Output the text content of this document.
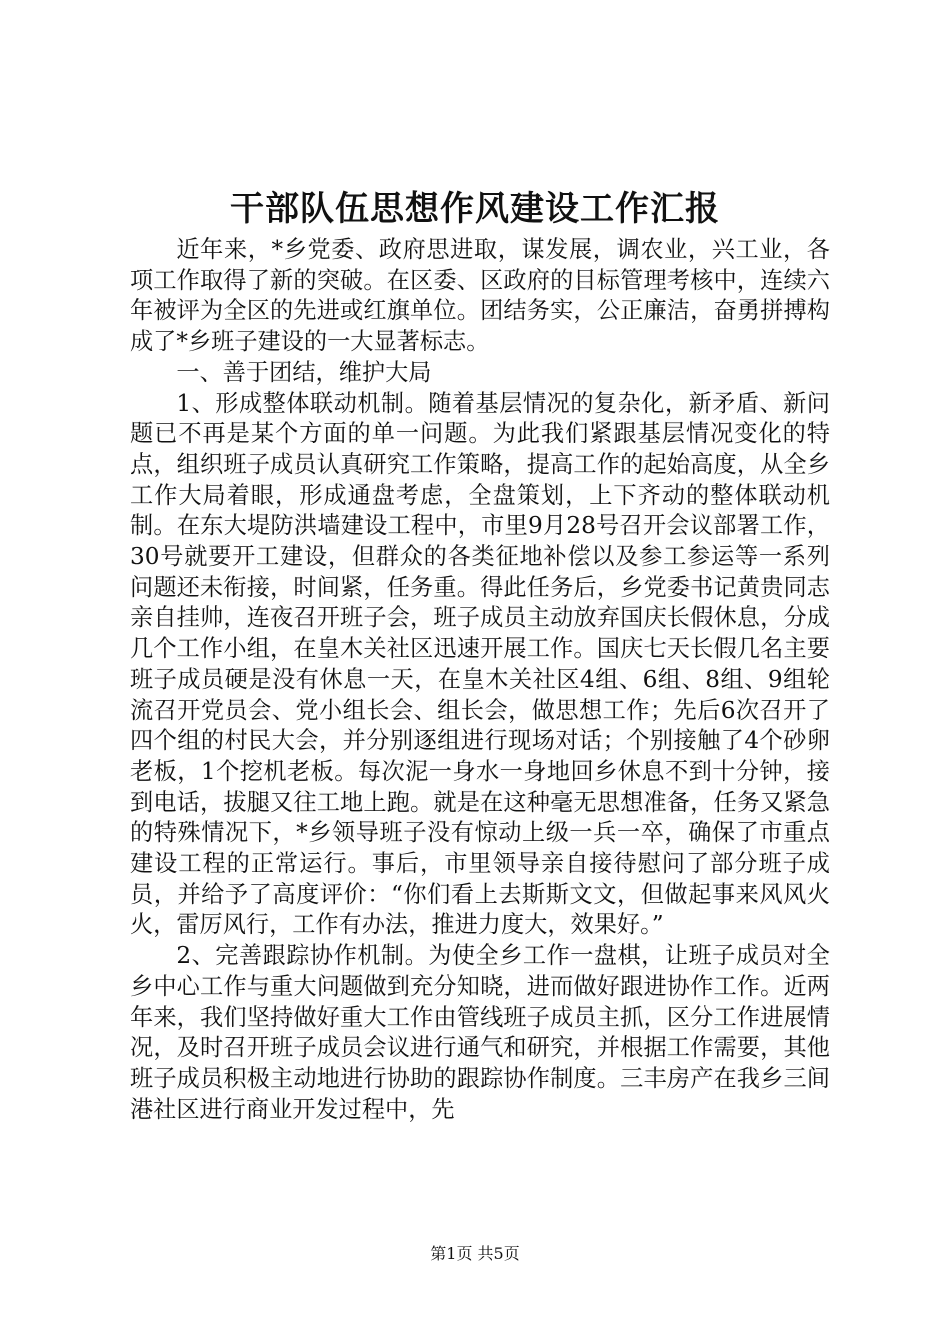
干部队伍思想作风建设工作汇报

近年来，*乡党委、政府思进取，谋发展，调农业，兴工业，各项工作取得了新的突破。在区委、区政府的目标管理考核中，连续六年被评为全区的先进或红旗单位。团结务实，公正廉洁，奋勇拼搏构成了*乡班子建设的一大显著标志。

一、善于团结，维护大局

1、形成整体联动机制。随着基层情况的复杂化，新矛盾、新问题已不再是某个方面的单一问题。为此我们紧跟基层情况变化的特点，组织班子成员认真研究工作策略，提高工作的起始高度，从全乡工作大局着眼，形成通盘考虑，全盘策划，上下齐动的整体联动机制。在东大堤防洪墙建设工程中，市里9月28号召开会议部署工作，30号就要开工建设，但群众的各类征地补偿以及参工参运等一系列问题还未衔接，时间紧，任务重。得此任务后，乡党委书记黄贵同志亲自挂帅，连夜召开班子会，班子成员主动放弃国庆长假休息，分成几个工作小组，在皇木关社区迅速开展工作。国庆七天长假几名主要班子成员硬是没有休息一天，在皇木关社区4组、6组、8组、9组轮流召开党员会、党小组长会、组长会，做思想工作；先后6次召开了四个组的村民大会，并分别逐组进行现场对话；个别接触了4个砂卵老板，1个挖机老板。每次泥一身水一身地回乡休息不到十分钟，接到电话，拔腿又往工地上跑。就是在这种毫无思想准备，任务又紧急的特殊情况下，*乡领导班子没有惊动上级一兵一卒，确保了市重点建设工程的正常运行。事后，市里领导亲自接待慰问了部分班子成员，并给予了高度评价：“你们看上去斯斯文文，但做起事来风风火火，雷厉风行，工作有办法，推进力度大，效果好。”

2、完善跟踪协作机制。为使全乡工作一盘棋，让班子成员对全乡中心工作与重大问题做到充分知晓，进而做好跟进协作工作。近两年来，我们坚持做好重大工作由管线班子成员主抓，区分工作进展情况，及时召开班子成员会议进行通气和研究，并根据工作需要，其他班子成员积极主动地进行协助的跟踪协作制度。三丰房产在我乡三间港社区进行商业开发过程中，先

第1页 共5页
